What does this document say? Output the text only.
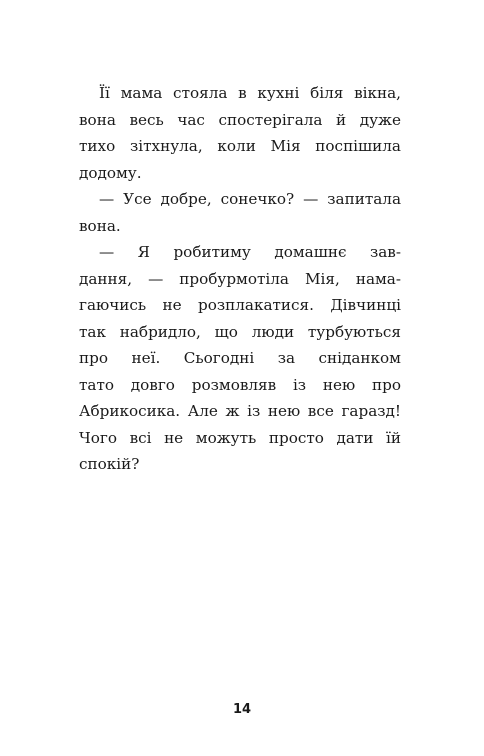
Її мама стояла в кухні біля вікна,
вона весь час спостерігала й дуже
тихо зітхнула, коли Мія поспішила
додому.
— Усе добре, сонечко? — запитала
вона.
— Я робитиму домашнє зав-
дання, — пробурмотіла Мія, нама-
гаючись не розплакатися. Дівчинці
так набридло, що люди турбуються
про неї. Сьогодні за сніданком
тато довго розмовляв із нею про
Абрикосика. Але ж із нею все гаразд!
Чого всі не можуть просто дати їй
спокій?
14
